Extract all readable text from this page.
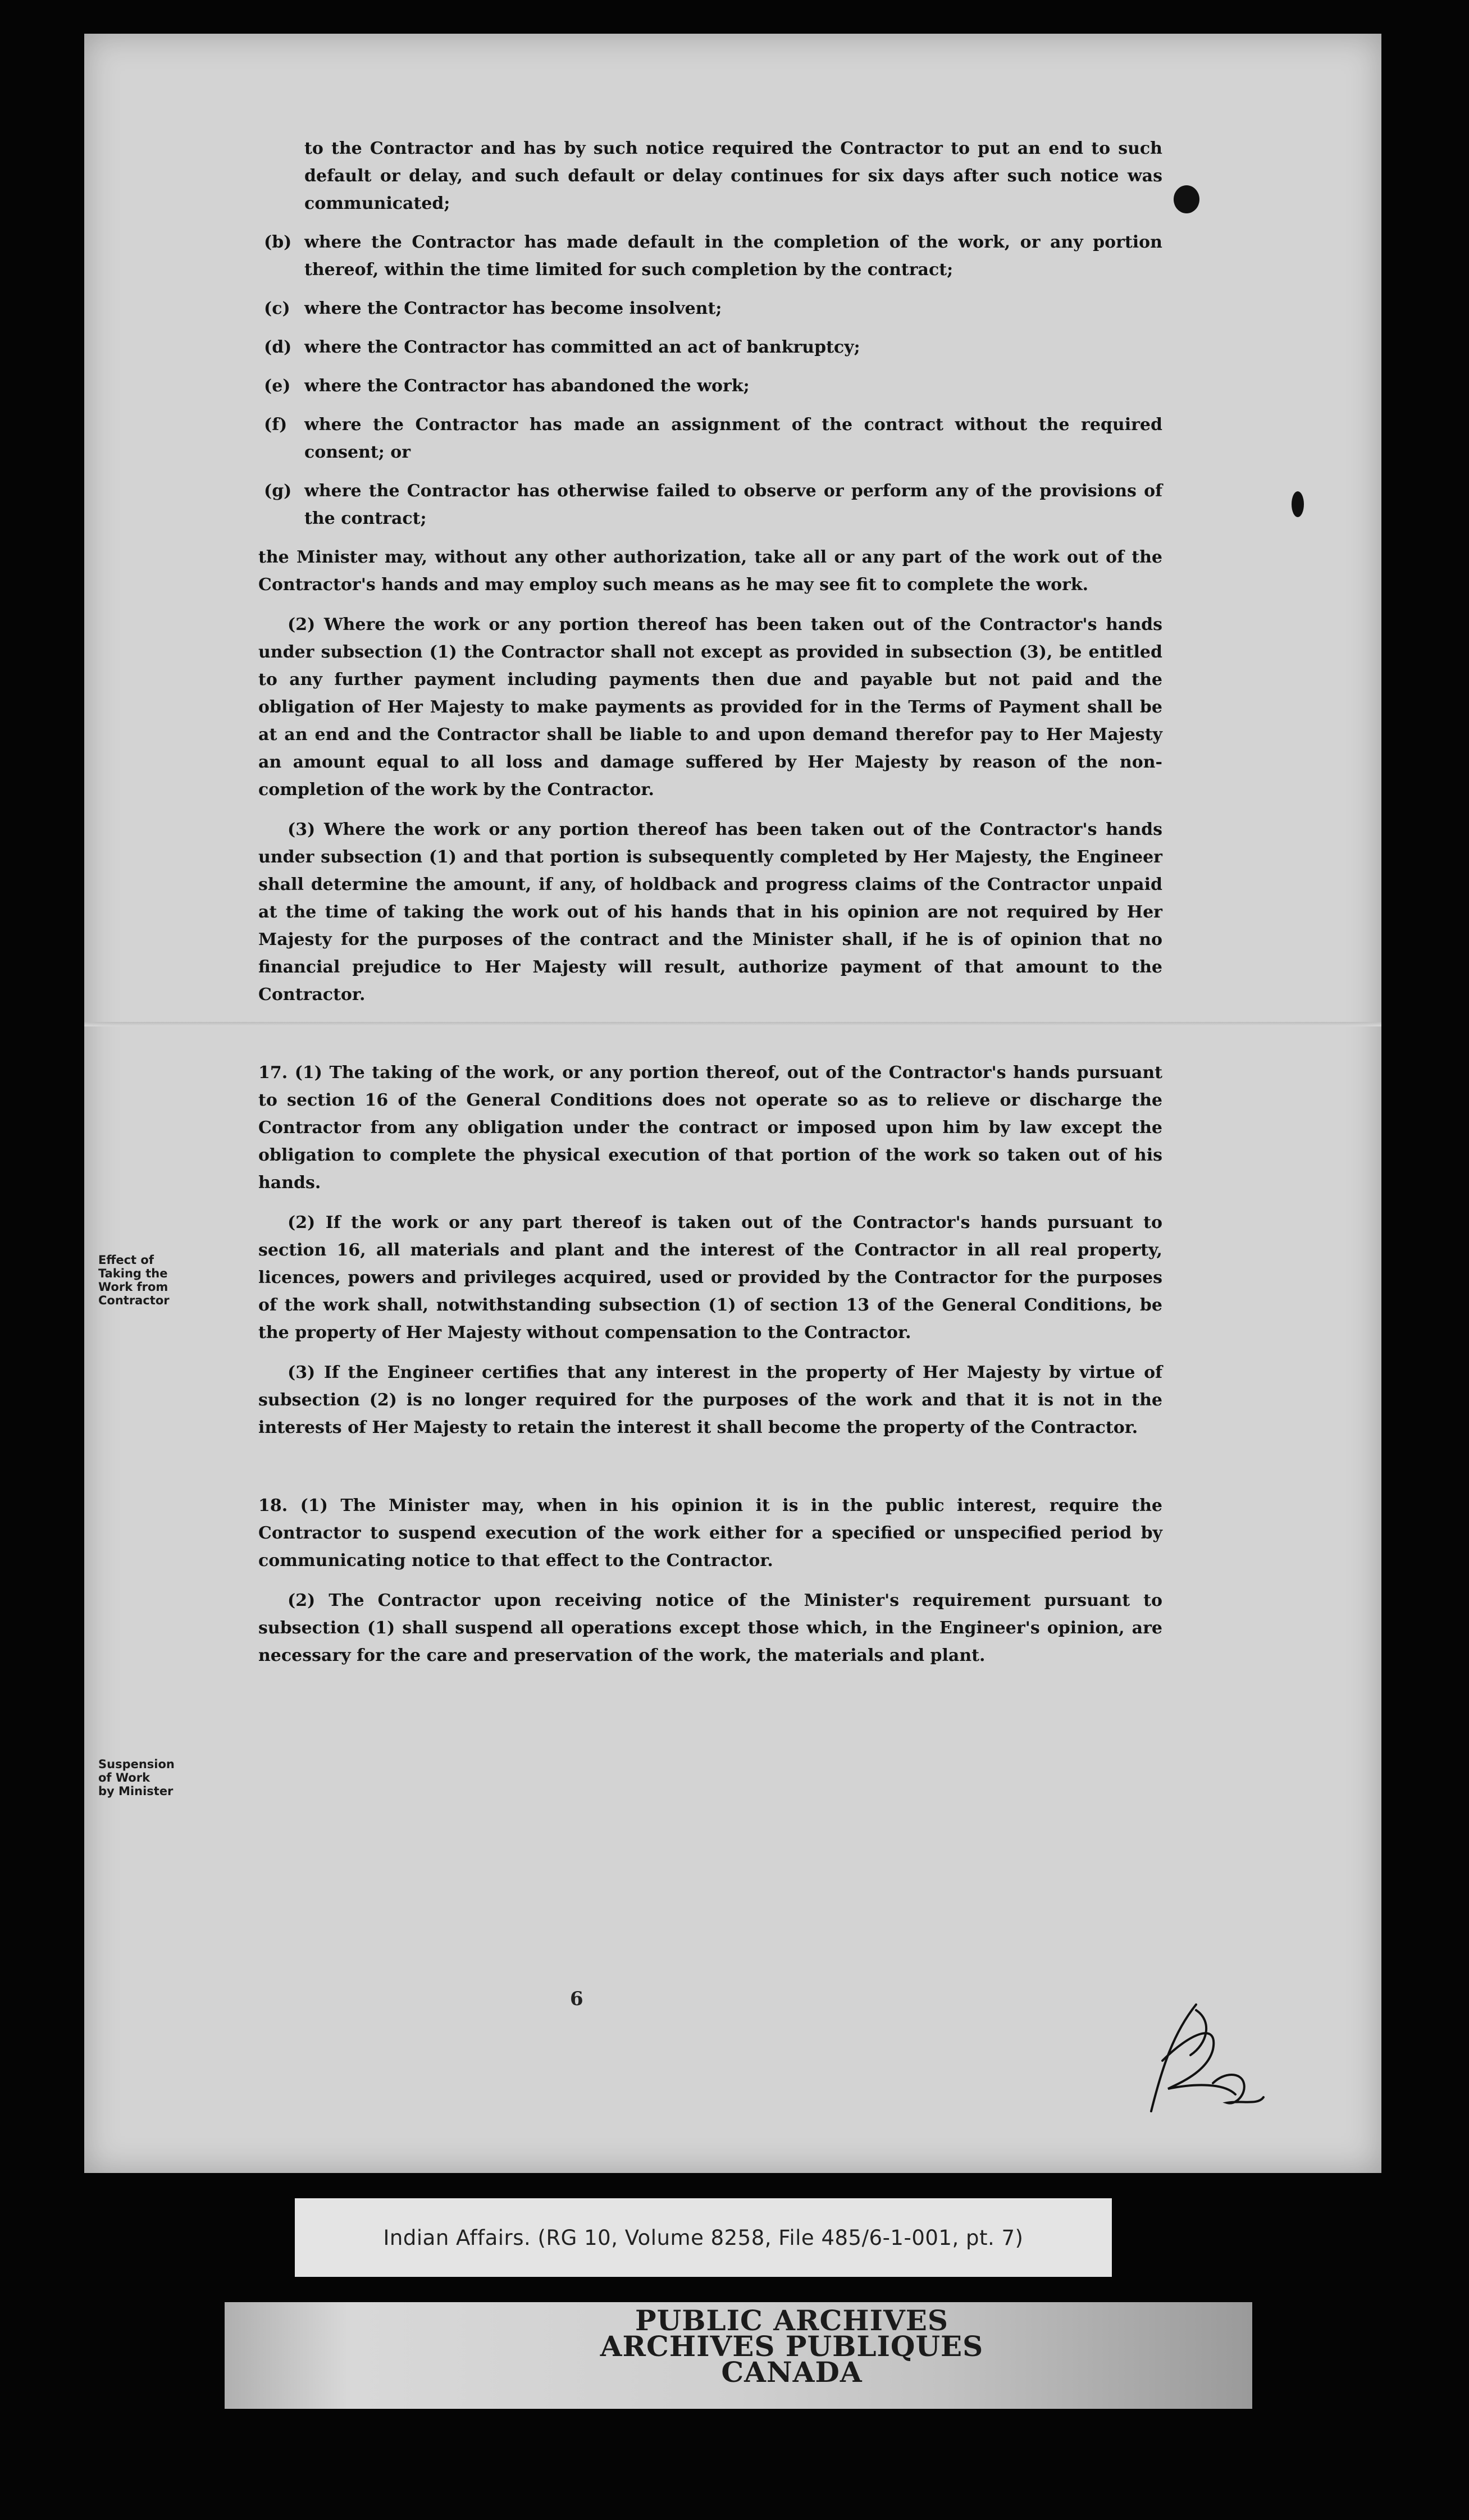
to the Contractor and has by such notice required the Contractor to put an end to such default or delay, and such default or delay continues for six days after such notice was communicated;

(b) where the Contractor has made default in the completion of the work, or any portion thereof, within the time limited for such completion by the contract;
(c) where the Contractor has become insolvent;
(d) where the Contractor has committed an act of bankruptcy;
(e) where the Contractor has abandoned the work;
(f)	where the Contractor has made an assignment of the contract without the required consent; or
(g) where the Contractor has otherwise failed to observe or perform any of the provisions of the contract;

the Minister may, without any other authorization, take all or any part of the work out of the Contractor's hands and may employ such means as he may see fit to complete the work.

(2) Where the work or any portion thereof has been taken out of the Contractor's hands under subsection (1) the Contractor shall not except as provided in subsection (3), be entitled to any further payment including payments then due and payable but not paid and the obligation of Her Majesty to make payments as provided for in the Terms of Payment shall be at an end and the Contractor shall be liable to and upon demand therefor pay to Her Majesty an amount equal to all loss and damage suffered by Her Majesty by reason of the non-completion of the work by the Contractor.

(3) Where the work or any portion thereof has been taken out of the Contractor's hands under subsection (1) and that portion is subsequently completed by Her Majesty, the Engineer shall determine the amount, if any, of holdback and progress claims of the Contractor unpaid at the time of taking the work out of his hands that in his opinion are not required by Her Majesty for the purposes of the contract and the Minister shall, if he is of opinion that no financial prejudice to Her Majesty will result, authorize payment of that amount to the Contractor.

17. (1) The taking of the work, or any portion thereof, out of the Contractor's hands pursuant to section 16 of the General Conditions does not operate so as to relieve or discharge the Contractor from any obligation under the contract or imposed upon him by law except the obligation to complete the physical execution of that portion of the work so taken out of his hands.

(2) If the work or any part thereof is taken out of the Contractor's hands pursuant to section 16, all materials and plant and the interest of the Contractor in all real property, licences, powers and privileges acquired, used or provided by the Contractor for the purposes of the work shall, notwithstanding subsection (1) of section 13 of the General Conditions, be the property of Her Majesty without compensation to the Contractor.

(3) If the Engineer certifies that any interest in the property of Her Majesty by virtue of subsection (2) is no longer required for the purposes of the work and that it is not in the interests of Her Majesty to retain the interest it shall become the property of the Contractor.

18. (1) The Minister may, when in his opinion it is in the public interest, require the Contractor to suspend execution of the work either for a specified or unspecified period by communicating notice to that effect to the Contractor.

(2) The Contractor upon receiving notice of the Minister's requirement pursuant to subsection (1) shall suspend all operations except those which, in the Engineer's opinion, are necessary for the care and preservation of the work, the materials and plant.

Effect of
Taking the
Work from
Contractor
Suspension
of Work
by Minister
6
Indian Affairs. (RG 10, Volume 8258, File 485/6-1-001, pt. 7)
PUBLIC ARCHIVES
ARCHIVES PUBLIQUES
CANADA
